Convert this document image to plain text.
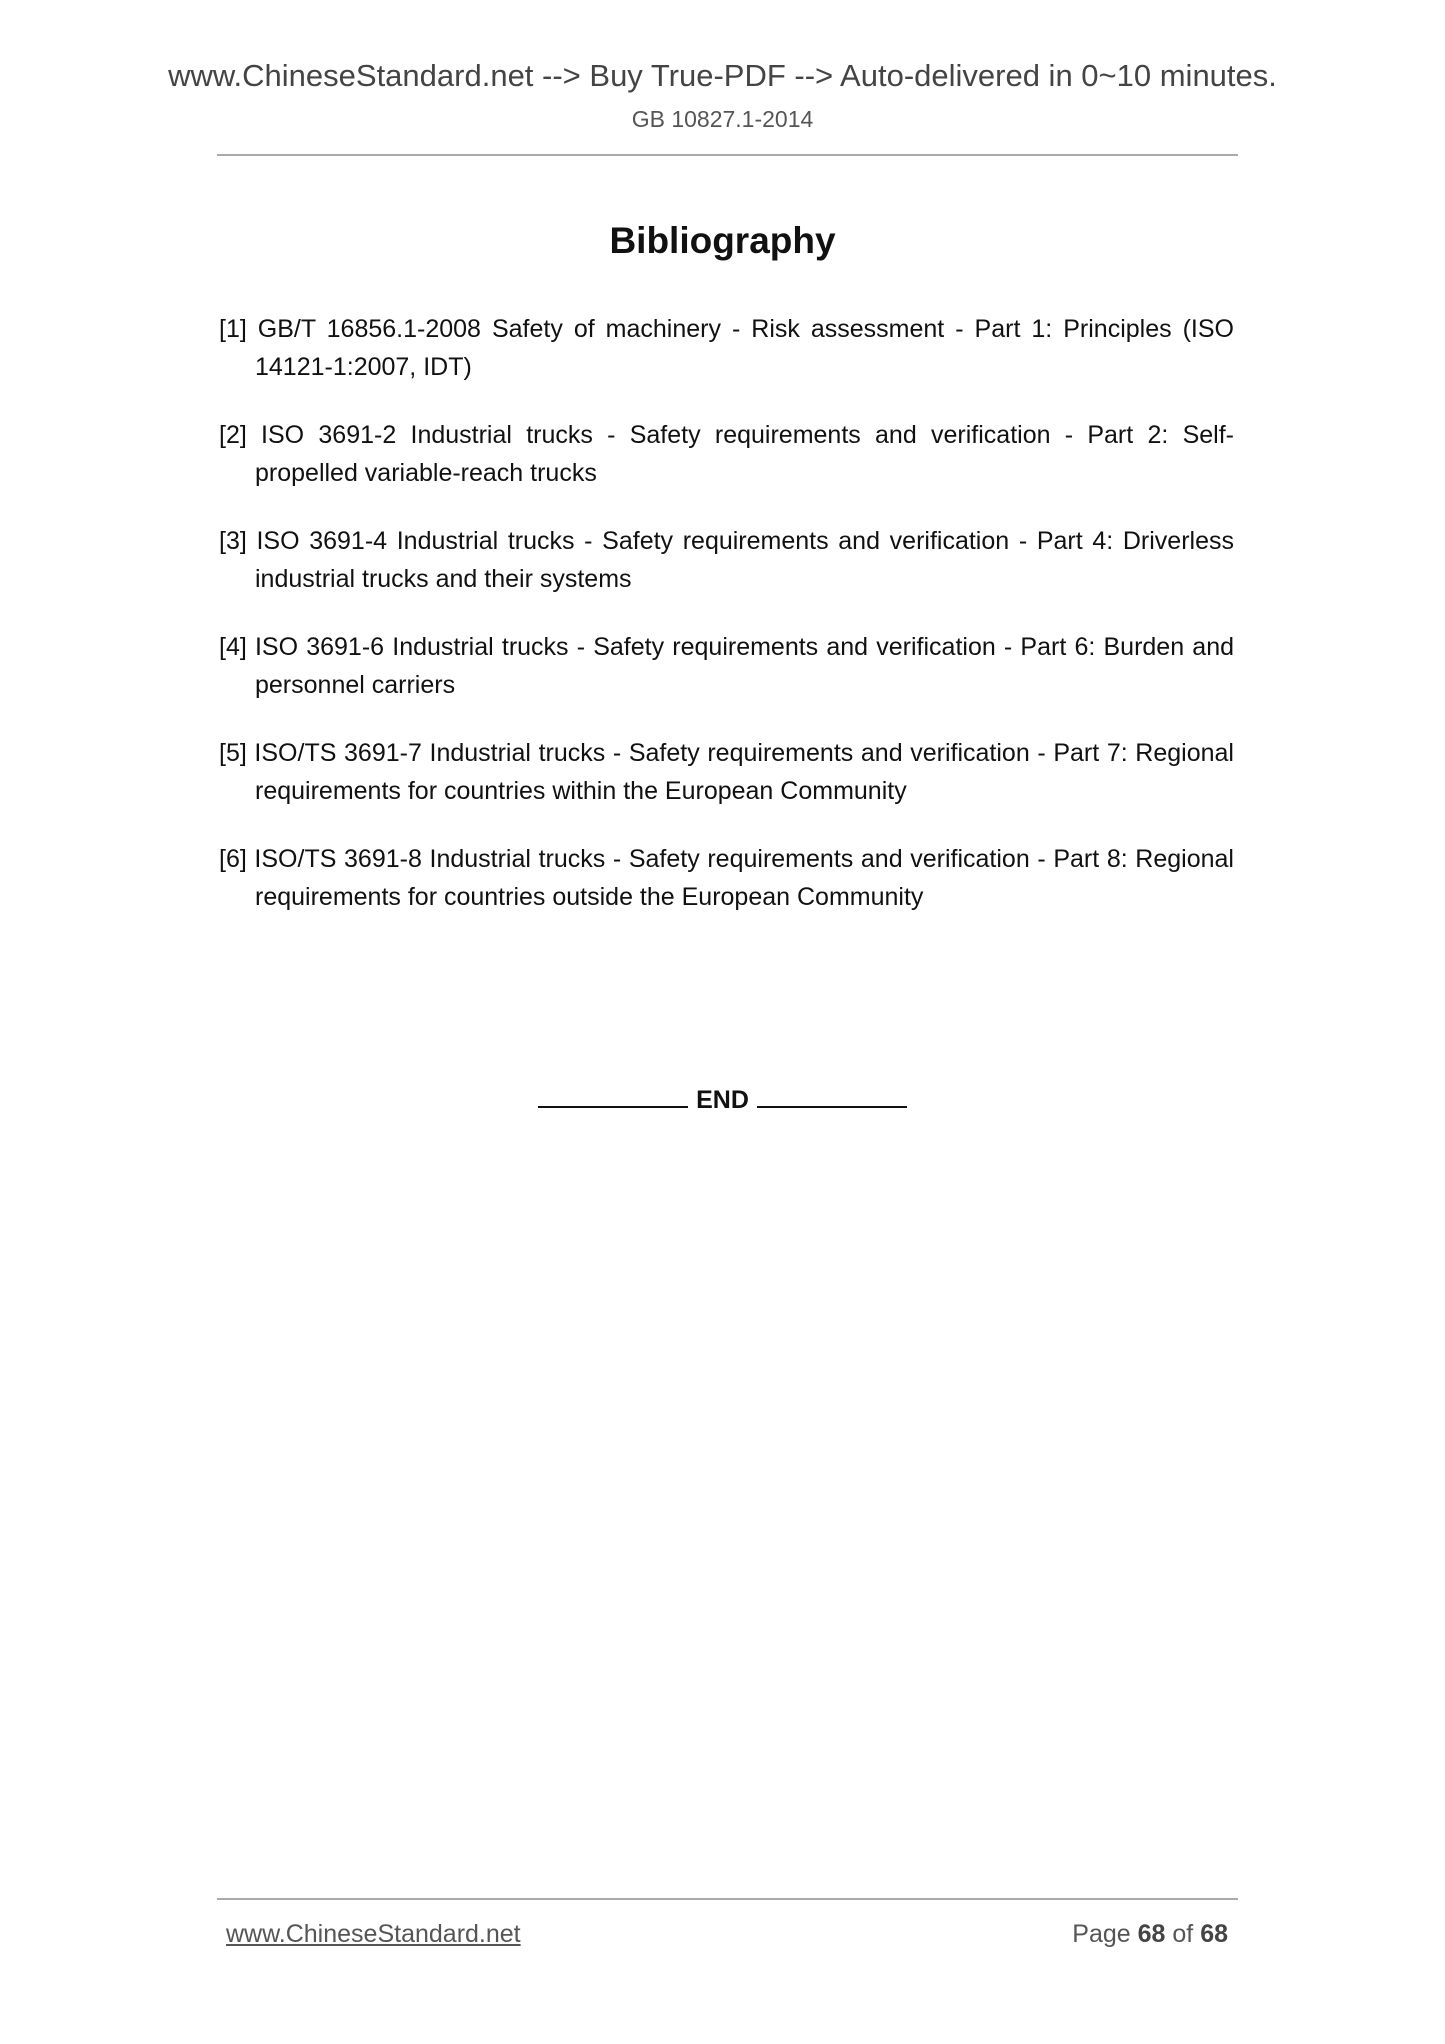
www.ChineseStandard.net --> Buy True-PDF --> Auto-delivered in 0~10 minutes.
GB 10827.1-2014
Bibliography

[1] GB/T 16856.1-2008 Safety of machinery - Risk assessment - Part 1: Principles (ISO 14121-1:2007, IDT)

[2] ISO 3691-2 Industrial trucks - Safety requirements and verification - Part 2: Self-propelled variable-reach trucks

[3] ISO 3691-4 Industrial trucks - Safety requirements and verification - Part 4: Driverless industrial trucks and their systems

[4] ISO 3691-6 Industrial trucks - Safety requirements and verification - Part 6: Burden and personnel carriers

[5] ISO/TS 3691-7 Industrial trucks - Safety requirements and verification - Part 7: Regional requirements for countries within the European Community

[6] ISO/TS 3691-8 Industrial trucks - Safety requirements and verification - Part 8: Regional requirements for countries outside the European Community

END
www.ChineseStandard.net	Page 68 of 68
